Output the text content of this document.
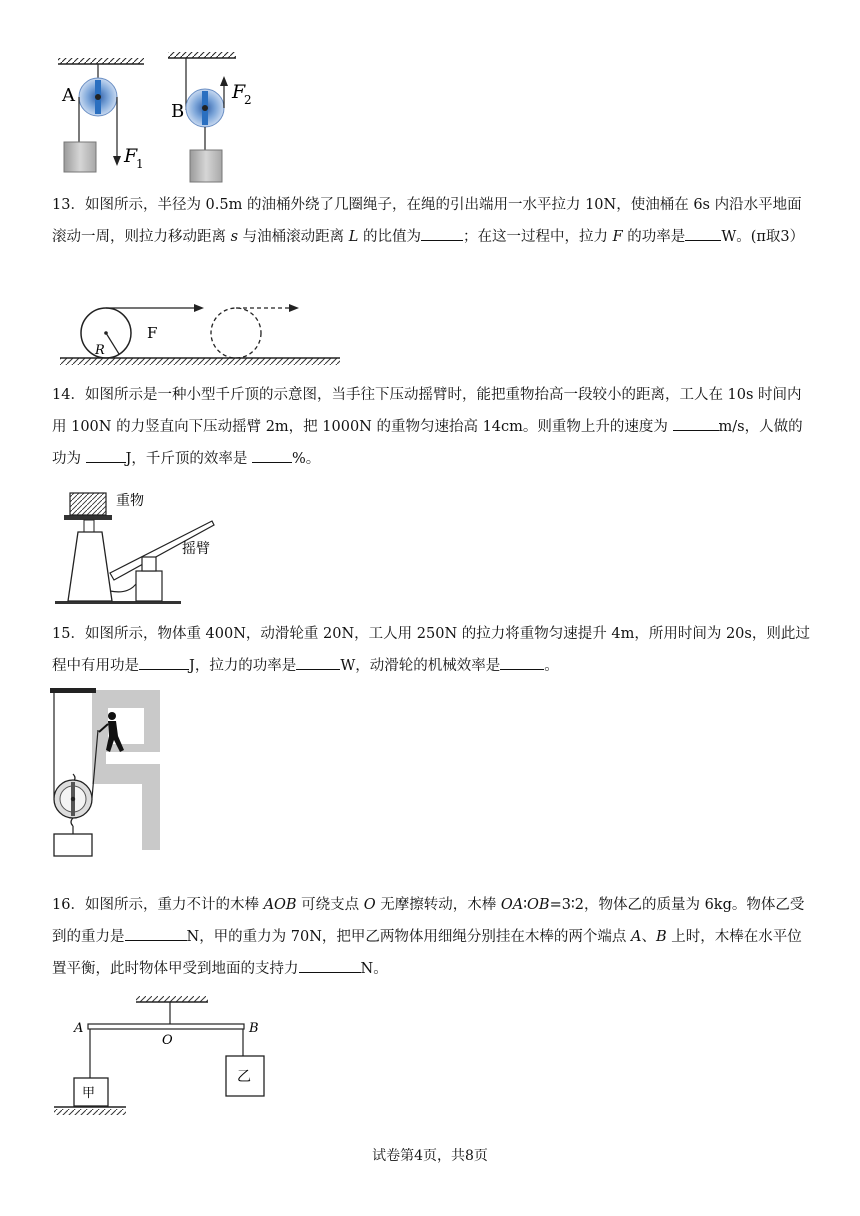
A
F
1
B
F
2

13．如图所示，半径为 0.5m 的油桶外绕了几圈绳子，在绳的引出端用一水平拉力 10N，使油桶在 6s 内沿水平地面滚动一周，则拉力移动距离 s 与油桶滚动距离 L 的比值为	；在这一过程中，拉力 F 的功率是 W。(π取3）

F
R

14．如图所示是一种小型千斤顶的示意图，当手往下压动摇臂时，能把重物抬高一段较小的距离，工人在 10s 时间内用 100N 的力竖直向下压动摇臂 2m，把 1000N 的重物匀速抬高 14cm。则重物上升的速度为	m/s，人做的功为	J，千斤顶的效率是	%。

重物
摇臂

15．如图所示，物体重 400N，动滑轮重 20N，工人用 250N 的拉力将重物匀速提升 4m，所用时间为 20s，则此过程中有用功是	J，拉力的功率是	W，动滑轮的机械效率是	。

16．如图所示，重力不计的木棒 AOB 可绕支点 O 无摩擦转动，木棒 OA∶OB=3∶2，物体乙的质量为 6kg。物体乙受到的重力是	N，甲的重力为 70N，把甲乙两物体用细绳分别挂在木棒的两个端点 A、B 上时，木棒在水平位置平衡，此时物体甲受到地面的支持力	N。

A
O
B
甲
乙
试卷第4页，共8页
